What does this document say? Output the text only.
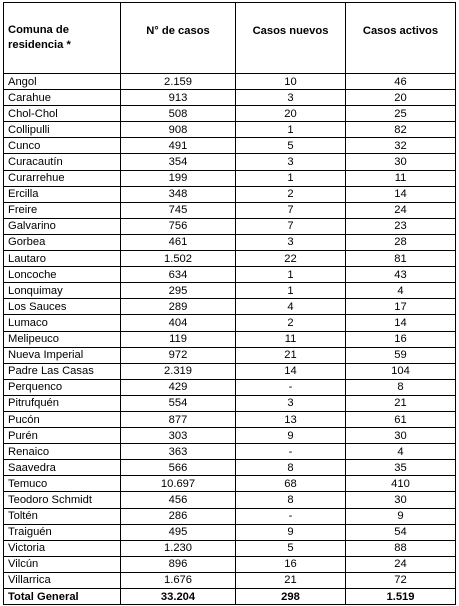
Comuna de residencia *	N° de casos	Casos nuevos	Casos activos
Angol	2.159	10	46
Carahue	913	3	20
Chol-Chol	508	20	25
Collipulli	908	1	82
Cunco	491	5	32
Curacautín	354	3	30
Curarrehue	199	1	11
Ercilla	348	2	14
Freire	745	7	24
Galvarino	756	7	23
Gorbea	461	3	28
Lautaro	1.502	22	81
Loncoche	634	1	43
Lonquimay	295	1	4
Los Sauces	289	4	17
Lumaco	404	2	14
Melipeuco	119	11	16
Nueva Imperial	972	21	59
Padre Las Casas	2.319	14	104
Perquenco	429	-	8
Pitrufquén	554	3	21
Pucón	877	13	61
Purén	303	9	30
Renaico	363	-	4
Saavedra	566	8	35
Temuco	10.697	68	410
Teodoro Schmidt	456	8	30
Toltén	286	-	9
Traiguén	495	9	54
Victoria	1.230	5	88
Vilcún	896	16	24
Villarrica	1.676	21	72
Total General	33.204	298	1.519
